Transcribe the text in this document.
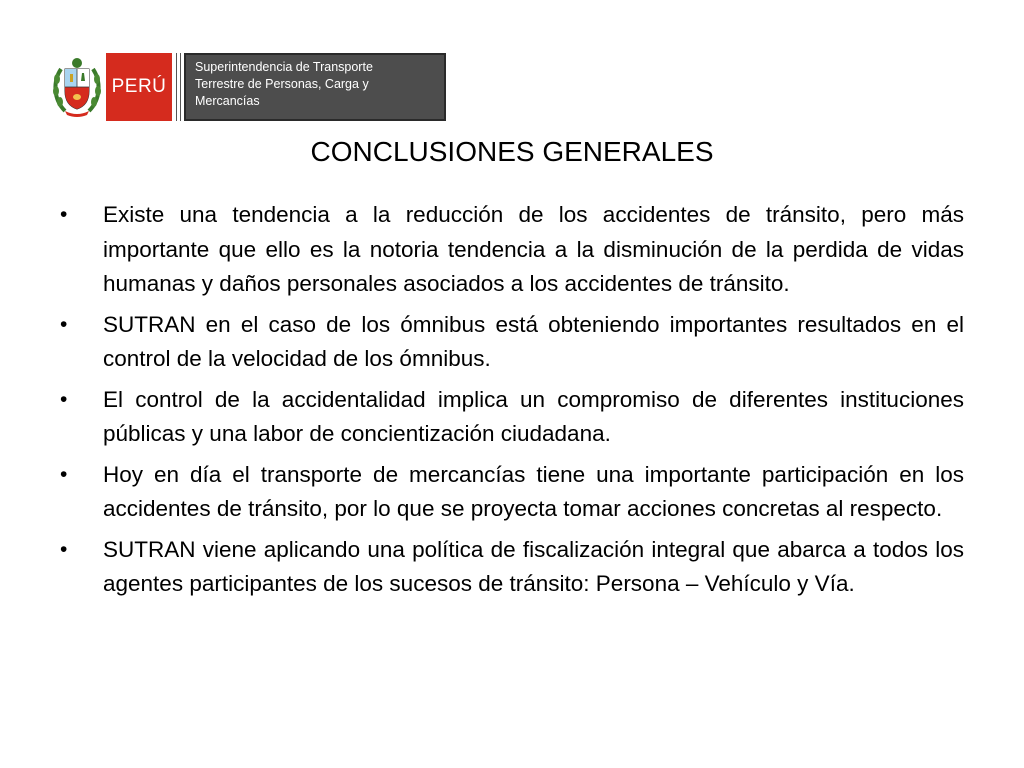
PERÚ
Superintendencia de Transporte
Terrestre de Personas, Carga y
Mercancías
CONCLUSIONES GENERALES
•	Existe una tendencia a la reducción de los accidentes de tránsito, pero más importante que ello es la notoria tendencia a la disminución de la perdida de vidas humanas y daños personales asociados a los accidentes de tránsito.
•	SUTRAN en el caso de los ómnibus está obteniendo importantes resultados en el control de la velocidad de los ómnibus.
•	El control de la accidentalidad implica un compromiso de diferentes instituciones públicas y una labor de concientización ciudadana.
•	Hoy en día el transporte de mercancías tiene una importante participación en los accidentes de tránsito, por lo que se proyecta tomar acciones concretas al respecto.
•	SUTRAN viene aplicando una política de fiscalización integral que abarca a todos los agentes participantes de los sucesos de tránsito: Persona – Vehículo y Vía.
